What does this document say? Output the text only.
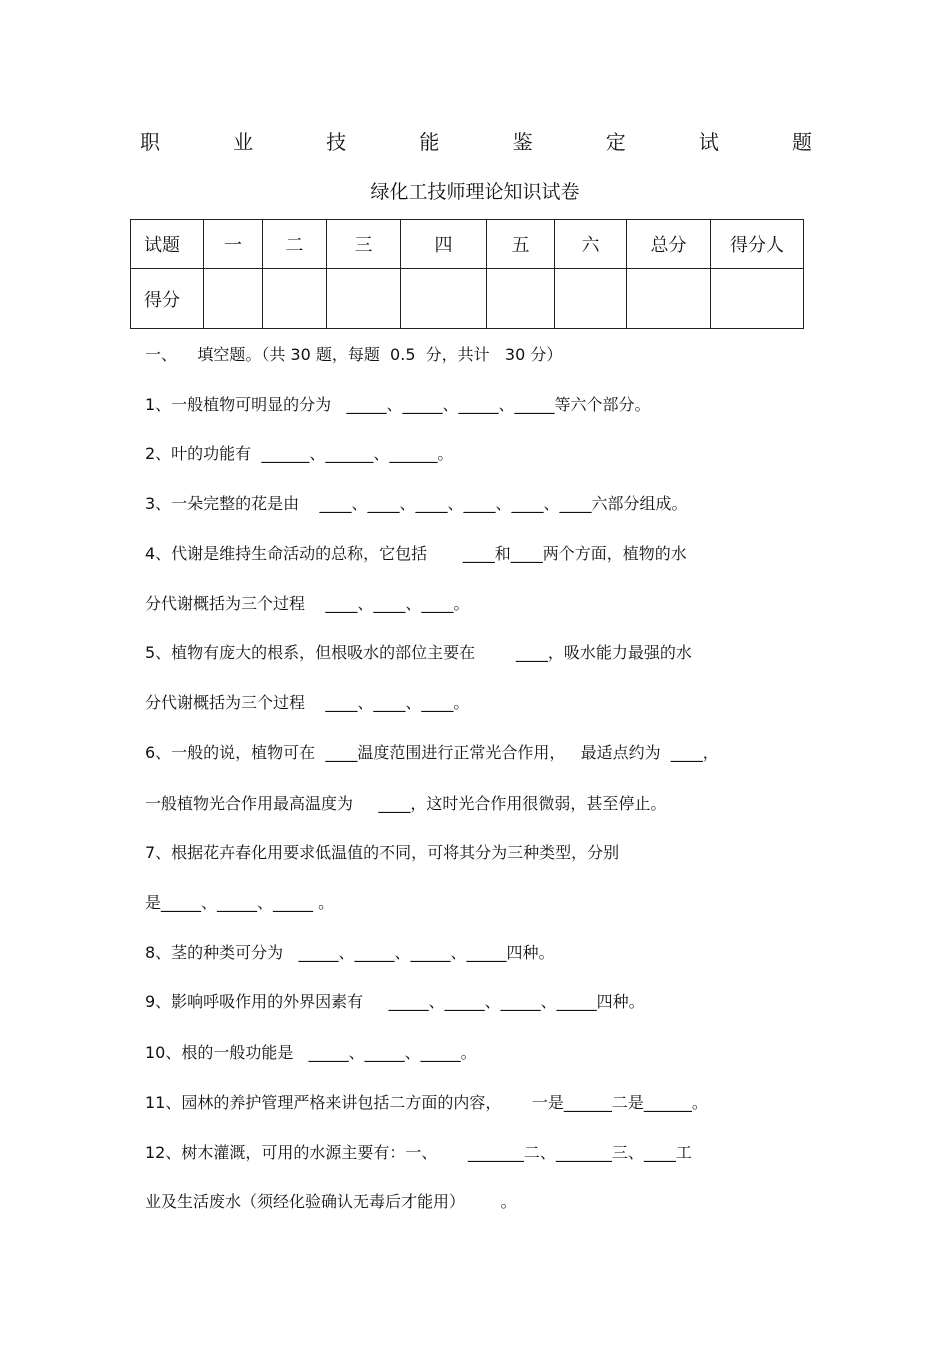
职	业	技	能	鉴	定	试	题
绿化工技师理论知识试卷
试题	一	二	三	四	五	六	总分	得分人
得分								
一、    填空题。（共 30 题，每题  0.5  分，共计   30 分）
1、一般植物可明显的分为   _____、_____、_____、_____等六个部分。
2、叶的功能有  ______、______、______。
3、一朵完整的花是由    ____、____、____、____、____、____六部分组成。
4、代谢是维持生命活动的总称，它包括       ____和____两个方面，植物的水
分代谢概括为三个过程    ____、____、____。
5、植物有庞大的根系，但根吸水的部位主要在        ____，吸水能力最强的水
分代谢概括为三个过程    ____、____、____。
6、一般的说，植物可在  ____温度范围进行正常光合作用，   最适点约为  ____，
一般植物光合作用最高温度为     ____，这时光合作用很微弱，甚至停止。
7、根据花卉春化用要求低温值的不同，可将其分为三种类型，分别
是_____、_____、_____ 。
8、茎的种类可分为   _____、_____、_____、_____四种。
9、影响呼吸作用的外界因素有     _____、_____、_____、_____四种。
10、根的一般功能是   _____、_____、_____。
11、园林的养护管理严格来讲包括二方面的内容，      一是______二是______。
12、树木灌溉，可用的水源主要有：一、      _______二、_______三、____工
业及生活废水（须经化验确认无毒后才能用）       。
